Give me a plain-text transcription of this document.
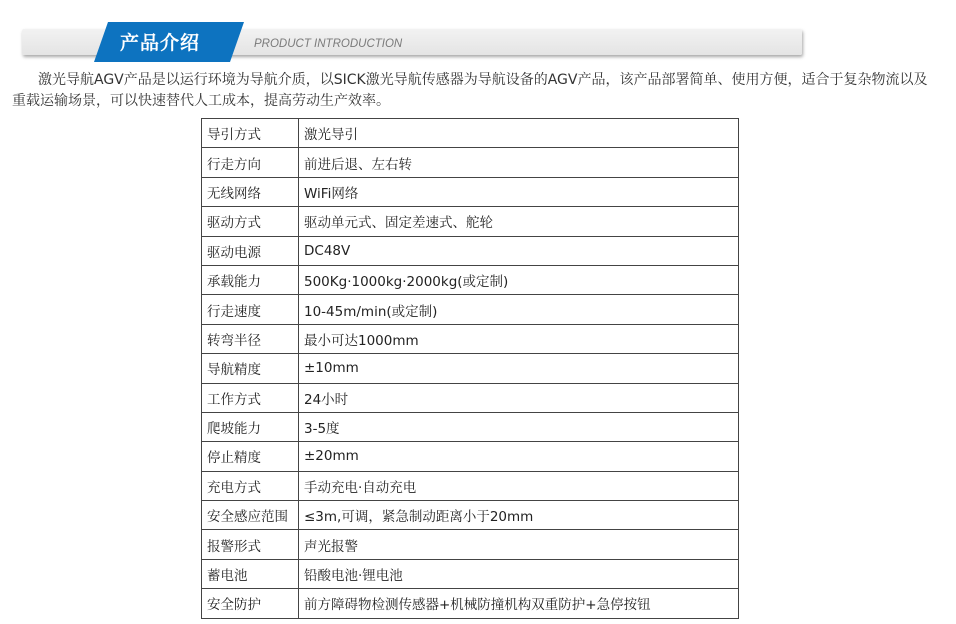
产品介绍	PRODUCT INTRODUCTION

激光导航AGV产品是以运行环境为导航介质，以SICK激光导航传感器为导航设备的AGV产品，该产品部署简单、使用方便，适合于复杂物流以及重载运输场景，可以快速替代人工成本，提高劳动生产效率。

导引方式	激光导引
行走方向	前进后退、左右转
无线网络	WiFi网络
驱动方式	驱动单元式、固定差速式、舵轮
驱动电源	DC48V
承载能力	500Kg·1000kg·2000kg(或定制)
行走速度	10-45m/min(或定制)
转弯半径	最小可达1000mm
导航精度	±10mm
工作方式	24小时
爬坡能力	3-5度
停止精度	±20mm
充电方式	手动充电·自动充电
安全感应范围	≤3m,可调，紧急制动距离小于20mm
报警形式	声光报警
蓄电池	铅酸电池·锂电池
安全防护	前方障碍物检测传感器+机械防撞机构双重防护+急停按钮
